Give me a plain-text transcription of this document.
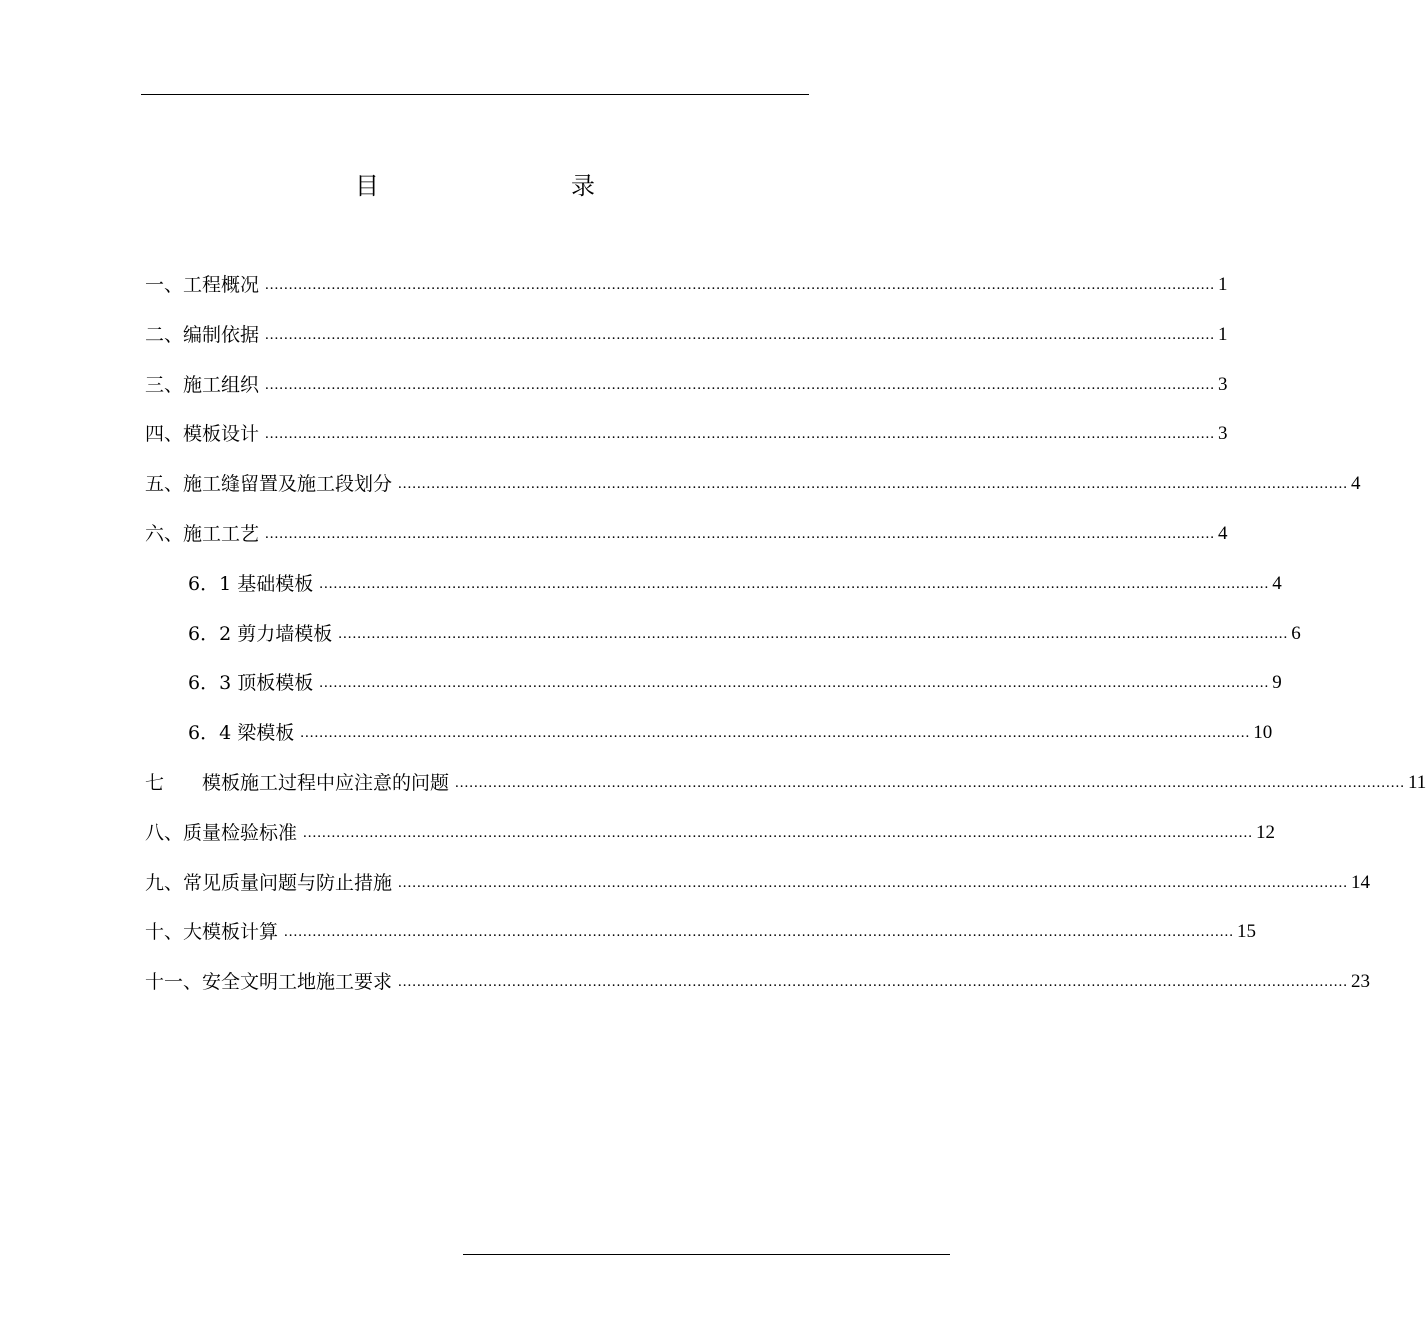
目　　录
一、工程概况 ........................................................................................................................................................................................................ 1
二、编制依据 ........................................................................................................................................................................................................ 1
三、施工组织 ........................................................................................................................................................................................................ 3
四、模板设计 ........................................................................................................................................................................................................ 3
五、施工缝留置及施工段划分 ........................................................................................................................................................................................................ 4
六、施工工艺 ........................................................................................................................................................................................................ 4
6．1 基础模板 ........................................................................................................................................................................................................ 4
6．2 剪力墙模板 ........................................................................................................................................................................................................ 6
6．3 顶板模板 ........................................................................................................................................................................................................ 9
6．4 梁模板 ........................................................................................................................................................................................................ 10
七　　模板施工过程中应注意的问题 ........................................................................................................................................................................................................ 11
八、质量检验标准 ........................................................................................................................................................................................................ 12
九、常见质量问题与防止措施 ........................................................................................................................................................................................................ 14
十、大模板计算 ........................................................................................................................................................................................................ 15
十一、安全文明工地施工要求 ........................................................................................................................................................................................................ 23
